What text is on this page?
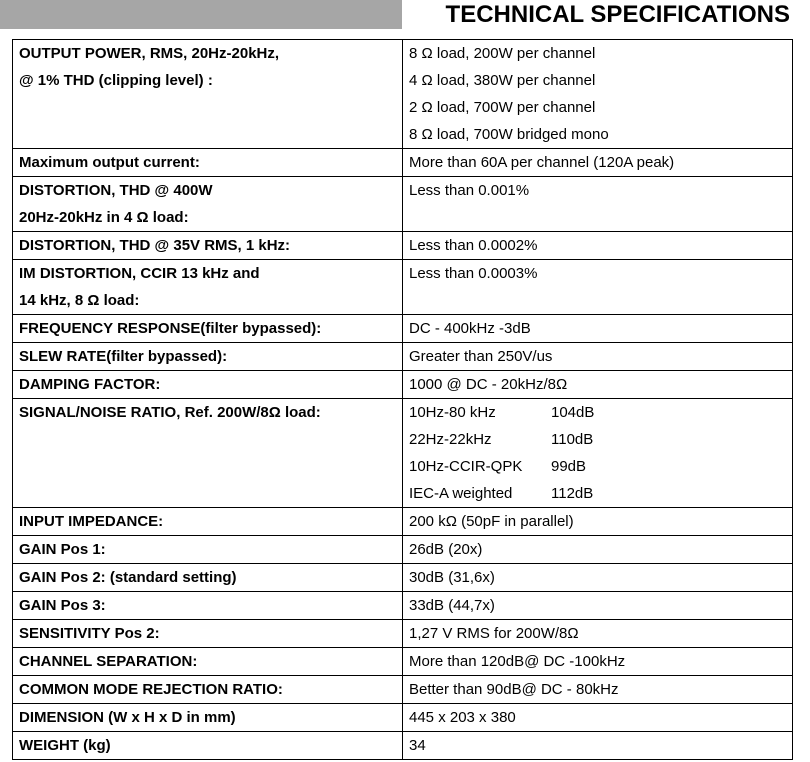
TECHNICAL SPECIFICATIONS
OUTPUT POWER, RMS, 20Hz-20kHz,
@ 1% THD (clipping level) :	8 Ω load, 200W per channel
4 Ω load, 380W per channel
2 Ω load, 700W per channel
8 Ω load, 700W bridged mono

Maximum output current:	More than 60A per channel (120A peak)

DISTORTION, THD @ 400W
20Hz-20kHz in 4 Ω load:	Less than 0.001%

DISTORTION, THD @ 35V RMS, 1 kHz:	Less than 0.0002%

IM DISTORTION, CCIR 13 kHz and
14 kHz, 8 Ω load:	Less than 0.0003%

FREQUENCY RESPONSE(filter bypassed):	DC - 400kHz -3dB

SLEW RATE(filter bypassed):	Greater than 250V/us

DAMPING FACTOR:	1000 @ DC - 20kHz/8Ω

SIGNAL/NOISE RATIO, Ref. 200W/8Ω load:	10Hz-80 kHz 104dB
22Hz-22kHz 110dB
10Hz-CCIR-QPK 99dB
IEC-A weighted 112dB

INPUT IMPEDANCE:	200 kΩ (50pF in parallel)

GAIN Pos 1:	26dB (20x)

GAIN Pos 2: (standard setting)	30dB (31,6x)

GAIN Pos 3:	33dB (44,7x)

SENSITIVITY Pos 2:	1,27 V RMS for 200W/8Ω

CHANNEL SEPARATION:	More than 120dB@ DC -100kHz

COMMON MODE REJECTION RATIO:	Better than 90dB@ DC - 80kHz

DIMENSION (W x H x D in mm)	445 x 203 x 380

WEIGHT (kg)	34
